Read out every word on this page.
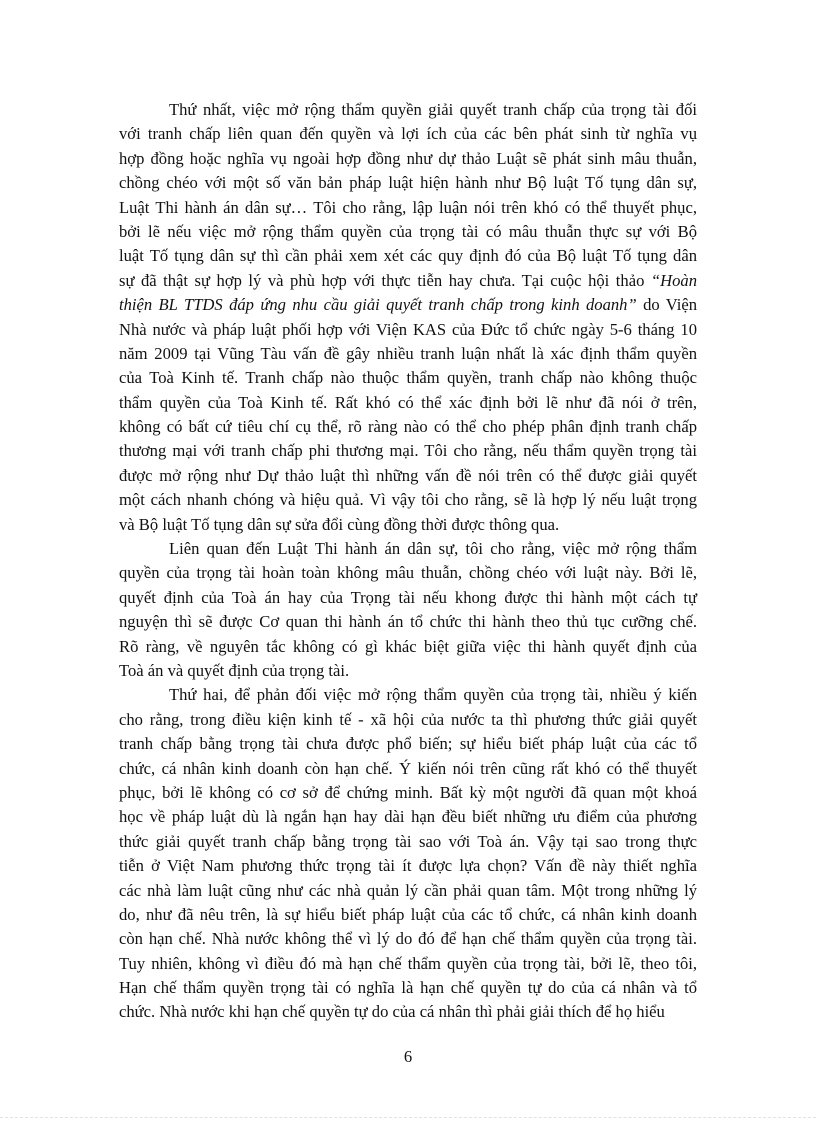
Thứ nhất, việc mở rộng thẩm quyền giải quyết tranh chấp của trọng tài đối
với tranh chấp liên quan đến quyền và lợi ích của các bên phát sinh từ nghĩa vụ
hợp đồng hoặc nghĩa vụ ngoài hợp đồng như dự thảo Luật sẽ phát sinh mâu thuẫn,
chồng chéo với một số văn bản pháp luật hiện hành như Bộ luật Tố tụng dân sự,
Luật Thi hành án dân sự… Tôi cho rằng, lập luận nói trên khó có thể thuyết phục,
bởi lẽ nếu việc mở rộng thẩm quyền của trọng tài có mâu thuẫn thực sự với Bộ
luật Tố tụng dân sự thì cần phải xem xét các quy định đó của Bộ luật Tố tụng dân
sự đã thật sự hợp lý và phù hợp với thực tiễn hay chưa. Tại cuộc hội thảo “Hoàn
thiện BL TTDS đáp ứng nhu cầu giải quyết tranh chấp trong kinh doanh” do Viện
Nhà nước và pháp luật phối hợp với Viện KAS của Đức tổ chức ngày 5-6 tháng 10
năm 2009 tại Vũng Tàu vấn đề gây nhiều tranh luận nhất là xác định thẩm quyền
của Toà Kinh tế. Tranh chấp nào thuộc thẩm quyền, tranh chấp nào không thuộc
thẩm quyền của Toà Kinh tế. Rất khó có thể xác định bởi lẽ như đã nói ở trên,
không có bất cứ tiêu chí cụ thể, rõ ràng nào có thể cho phép phân định tranh chấp
thương mại với tranh chấp phi thương mại. Tôi cho rằng, nếu thẩm quyền trọng tài
được mở rộng như Dự thảo luật thì những vấn đề nói trên có thể được giải quyết
một cách nhanh chóng và hiệu quả. Vì vậy tôi cho rằng, sẽ là hợp lý nếu luật trọng
và Bộ luật Tố tụng dân sự sửa đổi cùng đồng thời được thông qua.
Liên quan đến Luật Thi hành án dân sự, tôi cho rằng, việc mở rộng thẩm
quyền của trọng tài hoàn toàn không mâu thuẫn, chồng chéo với luật này. Bởi lẽ,
quyết định của Toà án hay của Trọng tài nếu khong được thi hành một cách tự
nguyện thì sẽ được Cơ quan thi hành án tổ chức thi hành theo thủ tục cưỡng chế.
Rõ ràng, về nguyên tắc không có gì khác biệt giữa việc thi hành quyết định của
Toà án và quyết định của trọng tài.
Thứ hai, để phản đối việc mở rộng thẩm quyền của trọng tài, nhiều ý kiến
cho rằng, trong điều kiện kinh tế - xã hội của nước ta thì phương thức giải quyết
tranh chấp bằng trọng tài chưa được phổ biến; sự hiểu biết pháp luật của các tổ
chức, cá nhân kinh doanh còn hạn chế. Ý kiến nói trên cũng rất khó có thể thuyết
phục, bởi lẽ không có cơ sở để chứng minh. Bất kỳ một người đã quan một khoá
học về pháp luật dù là ngắn hạn hay dài hạn đều biết những ưu điểm của phương
thức giải quyết tranh chấp bằng trọng tài sao với Toà án. Vậy tại sao trong thực
tiễn ở Việt Nam phương thức trọng tài ít được lựa chọn? Vấn đề này thiết nghĩa
các nhà làm luật cũng như các nhà quản lý cần phải quan tâm. Một trong những lý
do, như đã nêu trên, là sự hiểu biết pháp luật của các tổ chức, cá nhân kinh doanh
còn hạn chế. Nhà nước không thể vì lý do đó để hạn chế thẩm quyền của trọng tài.
Tuy nhiên, không vì điều đó mà hạn chế thẩm quyền của trọng tài, bởi lẽ, theo tôi,
Hạn chế thẩm quyền trọng tài có nghĩa là hạn chế quyền tự do của cá nhân và tổ
chức. Nhà nước khi hạn chế quyền tự do của cá nhân thì phải giải thích để họ hiểu
6
